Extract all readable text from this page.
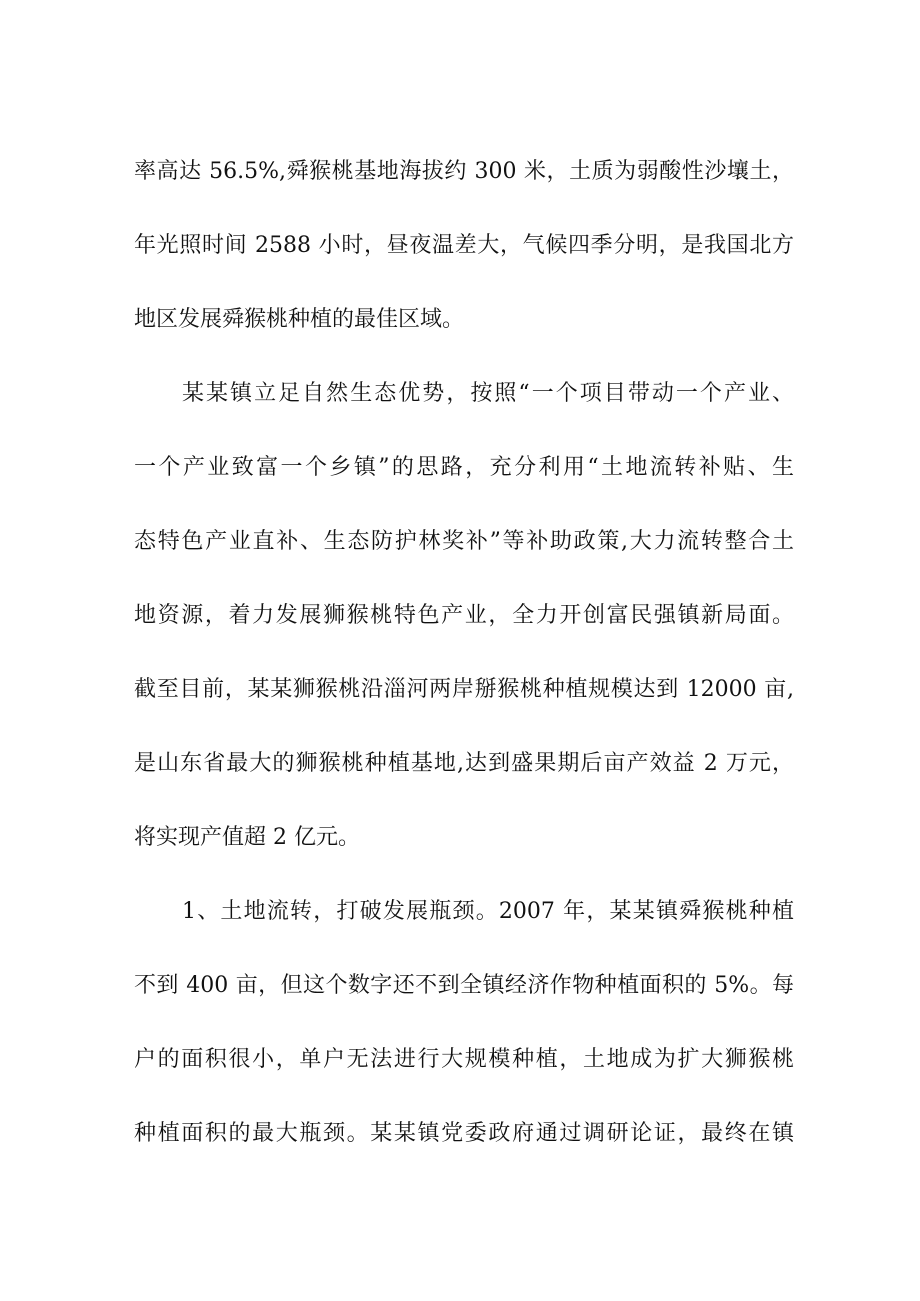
率高达 56.5%,舜猴桃基地海拔约 300 米，土质为弱酸性沙壤土，
年光照时间 2588 小时，昼夜温差大，气候四季分明，是我国北方
地区发展舜猴桃种植的最佳区域。
某某镇立足自然生态优势，按照“一个项目带动一个产业、
一个产业致富一个乡镇”的思路，充分利用“土地流转补贴、生
态特色产业直补、生态防护林奖补”等补助政策,大力流转整合土
地资源，着力发展狮猴桃特色产业，全力开创富民强镇新局面。
截至目前，某某狮猴桃沿淄河两岸掰猴桃种植规模达到 12000 亩,
是山东省最大的狮猴桃种植基地,达到盛果期后亩产效益 2 万元，
将实现产值超 2 亿元。
1、土地流转，打破发展瓶颈。2007 年，某某镇舜猴桃种植
不到 400 亩，但这个数字还不到全镇经济作物种植面积的 5%。每
户的面积很小，单户无法进行大规模种植，土地成为扩大狮猴桃
种植面积的最大瓶颈。某某镇党委政府通过调研论证，最终在镇
